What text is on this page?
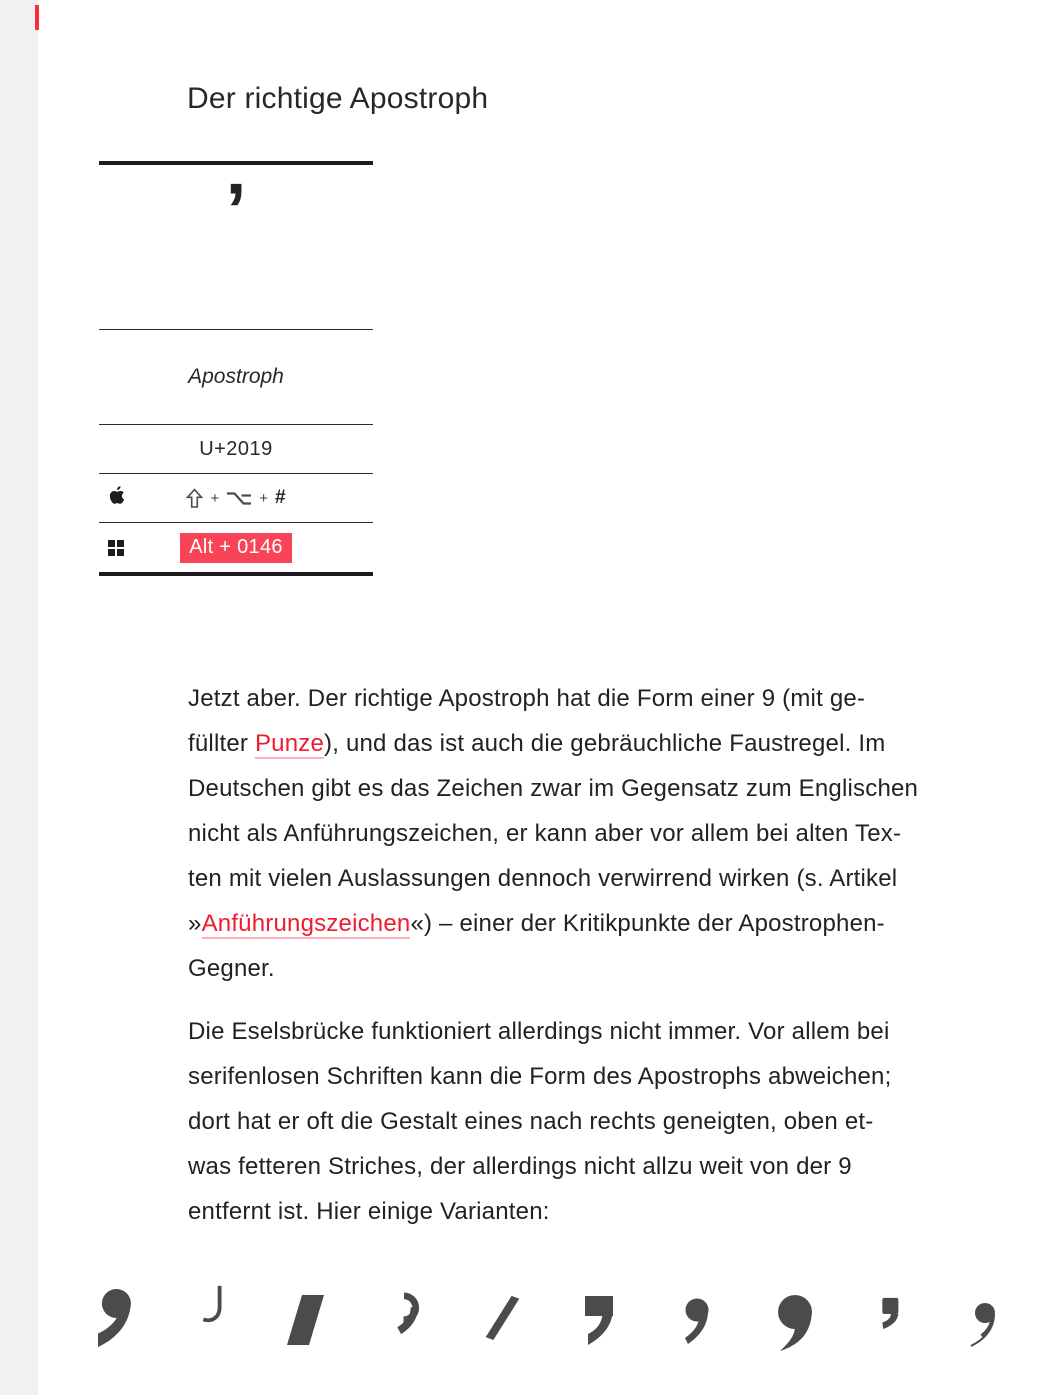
Der richtige Apostroph
’
Apostroph
U+2019
+	+ #
Alt + 0146
Jetzt aber. Der richtige Apostroph hat die Form einer 9 (mit ge-
füllter Punze), und das ist auch die gebräuchliche Faustregel. Im
Deutschen gibt es das Zeichen zwar im Gegensatz zum Englischen
nicht als Anführungszeichen, er kann aber vor allem bei alten Tex-
ten mit vielen Auslassungen dennoch verwirrend wirken (s. Artikel
»Anführungszeichen«) – einer der Kritikpunkte der Apostrophen-
Gegner.
Die Eselsbrücke funktioniert allerdings nicht immer. Vor allem bei
serifenlosen Schriften kann die Form des Apostrophs abweichen;
dort hat er oft die Gestalt eines nach rechts geneigten, oben et-
was fetteren Striches, der allerdings nicht allzu weit von der 9
entfernt ist. Hier einige Varianten:
